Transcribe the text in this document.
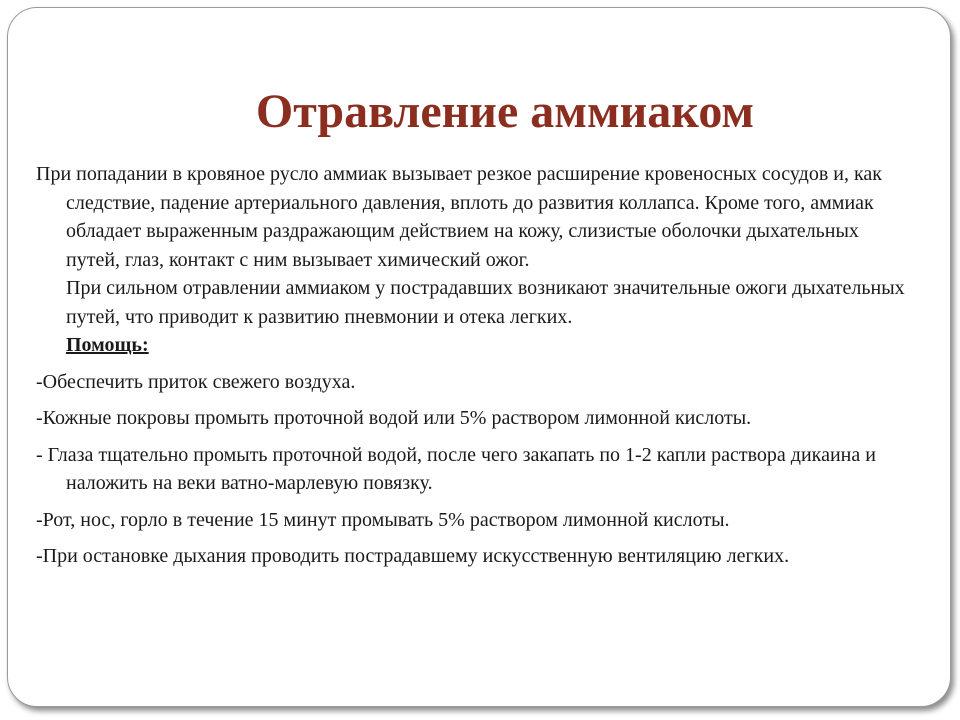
Отравление аммиаком

При попадании в кровяное русло аммиак вызывает резкое расширение кровеносных сосудов и, как следствие, падение артериального давления, вплоть до развития коллапса. Кроме того, аммиак обладает выраженным раздражающим действием на кожу, слизистые оболочки дыхательных путей, глаз, контакт с ним вызывает химический ожог.

При сильном отравлении аммиаком у пострадавших возникают значительные ожоги дыхательных путей, что приводит к развитию пневмонии и отека легких.

Помощь:

-Обеспечить приток свежего воздуха.

-Кожные покровы промыть проточной водой или 5% раствором лимонной кислоты.

- Глаза тщательно промыть проточной водой, после чего закапать по 1-2 капли раствора дикаина и наложить на веки ватно-марлевую повязку.

-Рот, нос, горло в течение 15 минут промывать 5% раствором лимонной кислоты.

-При остановке дыхания проводить пострадавшему искусственную вентиляцию легких.
